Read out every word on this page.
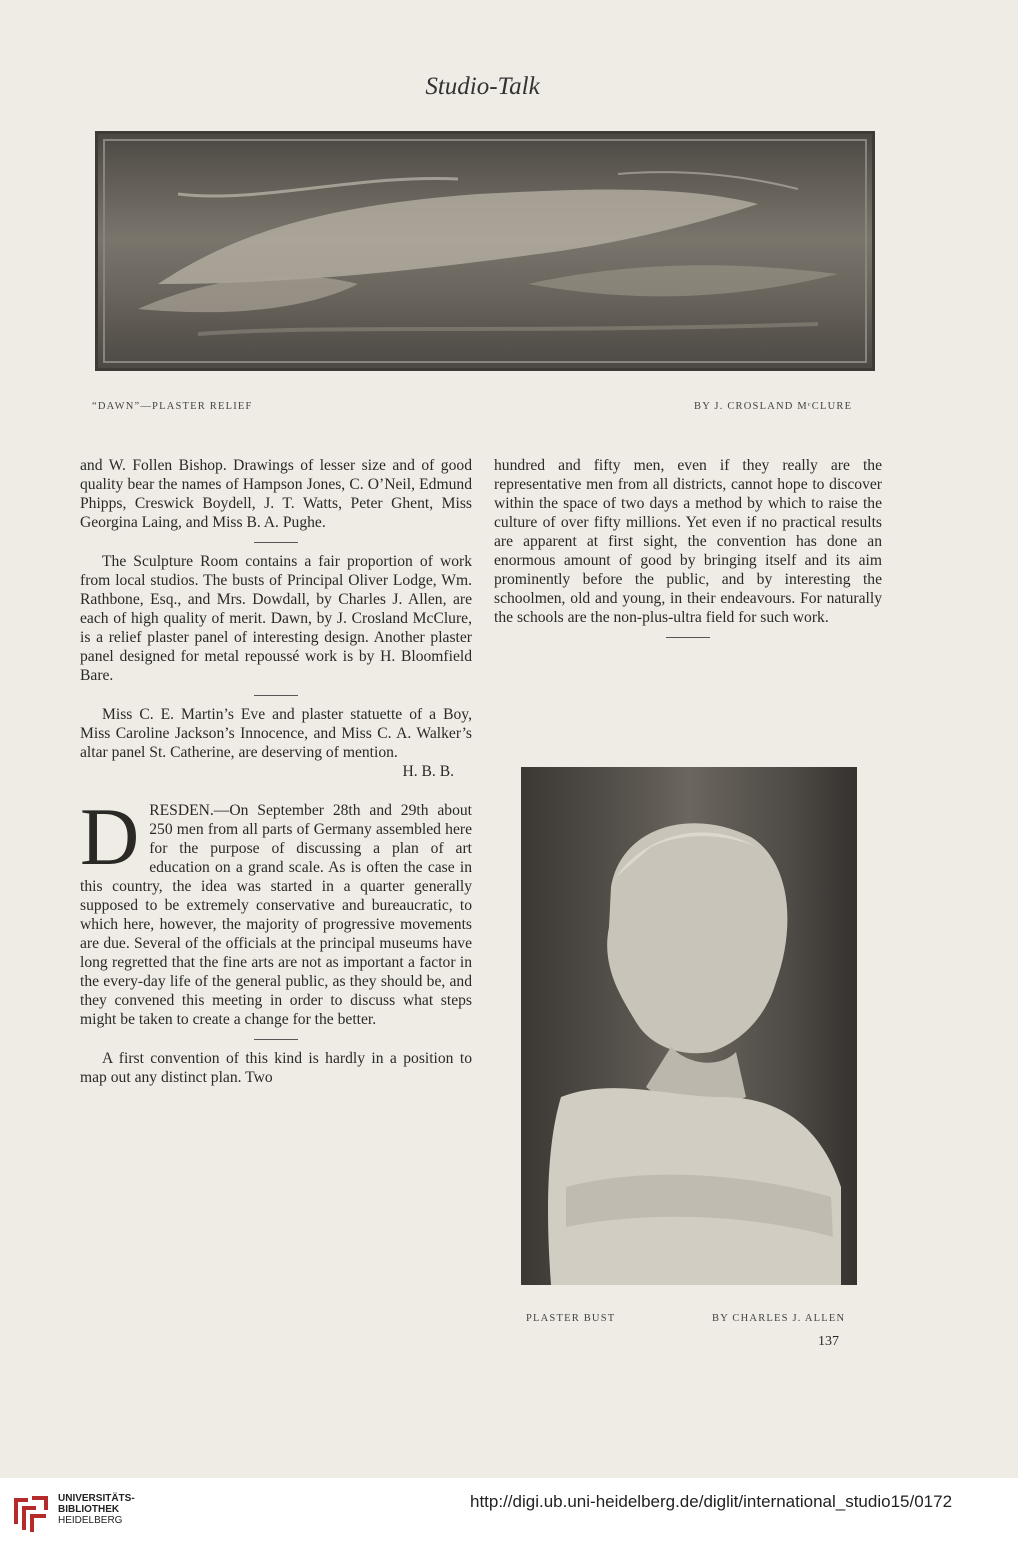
Studio-Talk
“DAWN”—PLASTER RELIEF	BY J. CROSLAND MᶜCLURE

and W. Follen Bishop. Drawings of lesser size and of good quality bear the names of Hampson Jones, C. O’Neil, Edmund Phipps, Creswick Boydell, J. T. Watts, Peter Ghent, Miss Georgina Laing, and Miss B. A. Pughe.

The Sculpture Room contains a fair proportion of work from local studios. The busts of Principal Oliver Lodge, Wm. Rathbone, Esq., and Mrs. Dowdall, by Charles J. Allen, are each of high quality of merit. Dawn, by J. Crosland McClure, is a relief plaster panel of interesting design. Another plaster panel designed for metal repoussé work is by H. Bloomfield Bare.

Miss C. E. Martin’s Eve and plaster statuette of a Boy, Miss Caroline Jackson’s Innocence, and Miss C. A. Walker’s altar panel St. Catherine, are deserving of mention.

H. B. B.

DRESDEN.—On September 28th and 29th about 250 men from all parts of Germany assembled here for the purpose of discussing a plan of art education on a grand scale. As is often the case in this country, the idea was started in a quarter generally supposed to be extremely conservative and bureaucratic, to which here, however, the majority of progressive movements are due. Several of the officials at the principal museums have long regretted that the fine arts are not as important a factor in the every-day life of the general public, as they should be, and they convened this meeting in order to discuss what steps might be taken to create a change for the better.

A first convention of this kind is hardly in a position to map out any distinct plan. Two

hundred and fifty men, even if they really are the representative men from all districts, cannot hope to discover within the space of two days a method by which to raise the culture of over fifty millions. Yet even if no practical results are apparent at first sight, the convention has done an enormous amount of good by bringing itself and its aim prominently before the public, and by interesting the schoolmen, old and young, in their endeavours. For naturally the schools are the non-plus-ultra field for such work.

PLASTER BUST	BY CHARLES J. ALLEN
137
UNIVERSITÄTS-
BIBLIOTHEK
HEIDELBERG
http://digi.ub.uni-heidelberg.de/diglit/international_studio15/0172
